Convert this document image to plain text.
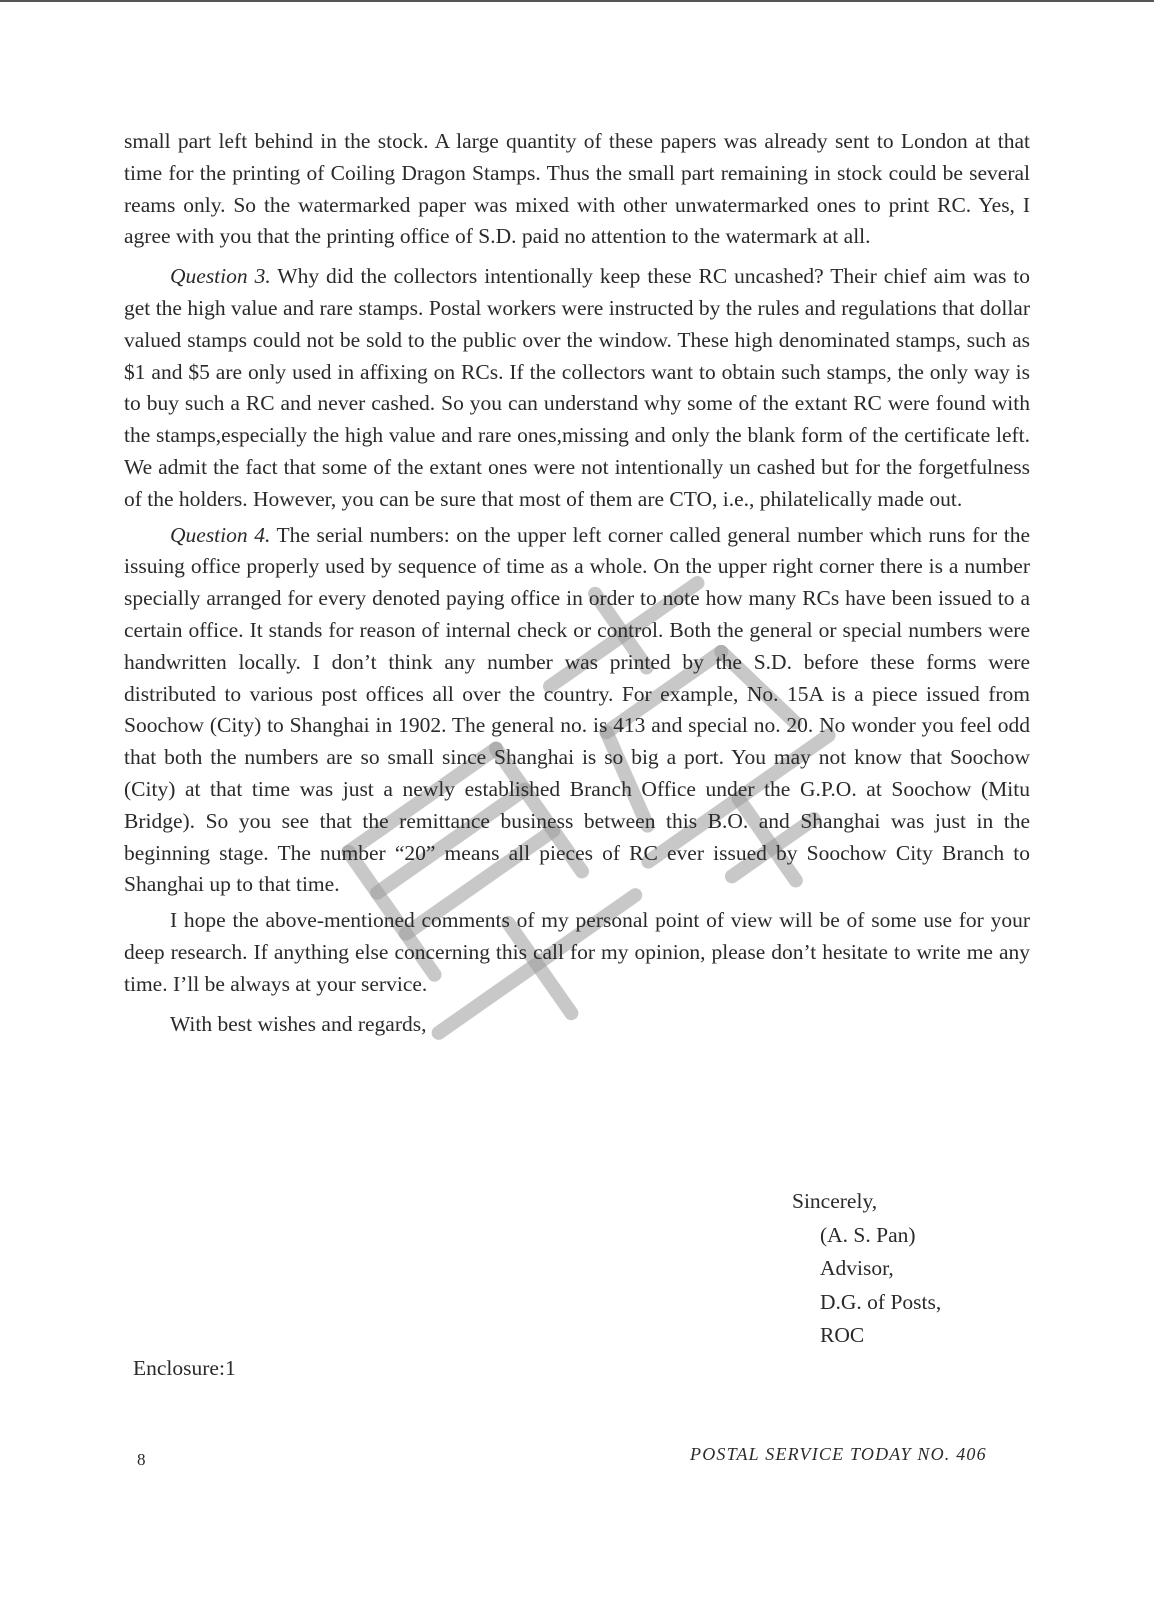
small part left behind in the stock. A large quantity of these papers was already sent to London at that time for the printing of Coiling Dragon Stamps. Thus the small part remaining in stock could be several reams only. So the watermarked paper was mixed with other unwatermarked ones to print RC. Yes, I agree with you that the printing office of S.D. paid no attention to the watermark at all.

Question 3. Why did the collectors intentionally keep these RC uncashed? Their chief aim was to get the high value and rare stamps. Postal workers were instructed by the rules and regulations that dollar valued stamps could not be sold to the public over the window. These high denominated stamps, such as $1 and $5 are only used in affixing on RCs. If the collectors want to obtain such stamps, the only way is to buy such a RC and never cashed. So you can understand why some of the extant RC were found with the stamps,especially the high value and rare ones,missing and only the blank form of the certificate left. We admit the fact that some of the extant ones were not intentionally un cashed but for the forgetfulness of the holders. However, you can be sure that most of them are CTO, i.e., philatelically made out.

Question 4. The serial numbers: on the upper left corner called general number which runs for the issuing office properly used by sequence of time as a whole. On the upper right corner there is a number specially arranged for every denoted paying office in order to note how many RCs have been issued to a certain office. It stands for reason of internal check or control. Both the general or special numbers were handwritten locally. I don’t think any number was printed by the S.D. before these forms were distributed to various post offices all over the country. For example, No. 15A is a piece issued from Soochow (City) to Shanghai in 1902. The general no. is 413 and special no. 20. No wonder you feel odd that both the numbers are so small since Shanghai is so big a port. You may not know that Soochow (City) at that time was just a newly established Branch Office under the G.P.O. at Soochow (Mitu Bridge). So you see that the remittance business between this B.O. and Shanghai was just in the beginning stage. The number “20” means all pieces of RC ever issued by Soochow City Branch to Shanghai up to that time.

I hope the above-mentioned comments of my personal point of view will be of some use for your deep research. If anything else concerning this call for my opinion, please don’t hesitate to write me any time. I’ll be always at your service.

With best wishes and regards,

Sincerely,
(A. S. Pan)
Advisor,
D.G. of Posts,
ROC
Enclosure:1
8	POSTAL SERVICE TODAY NO. 406
